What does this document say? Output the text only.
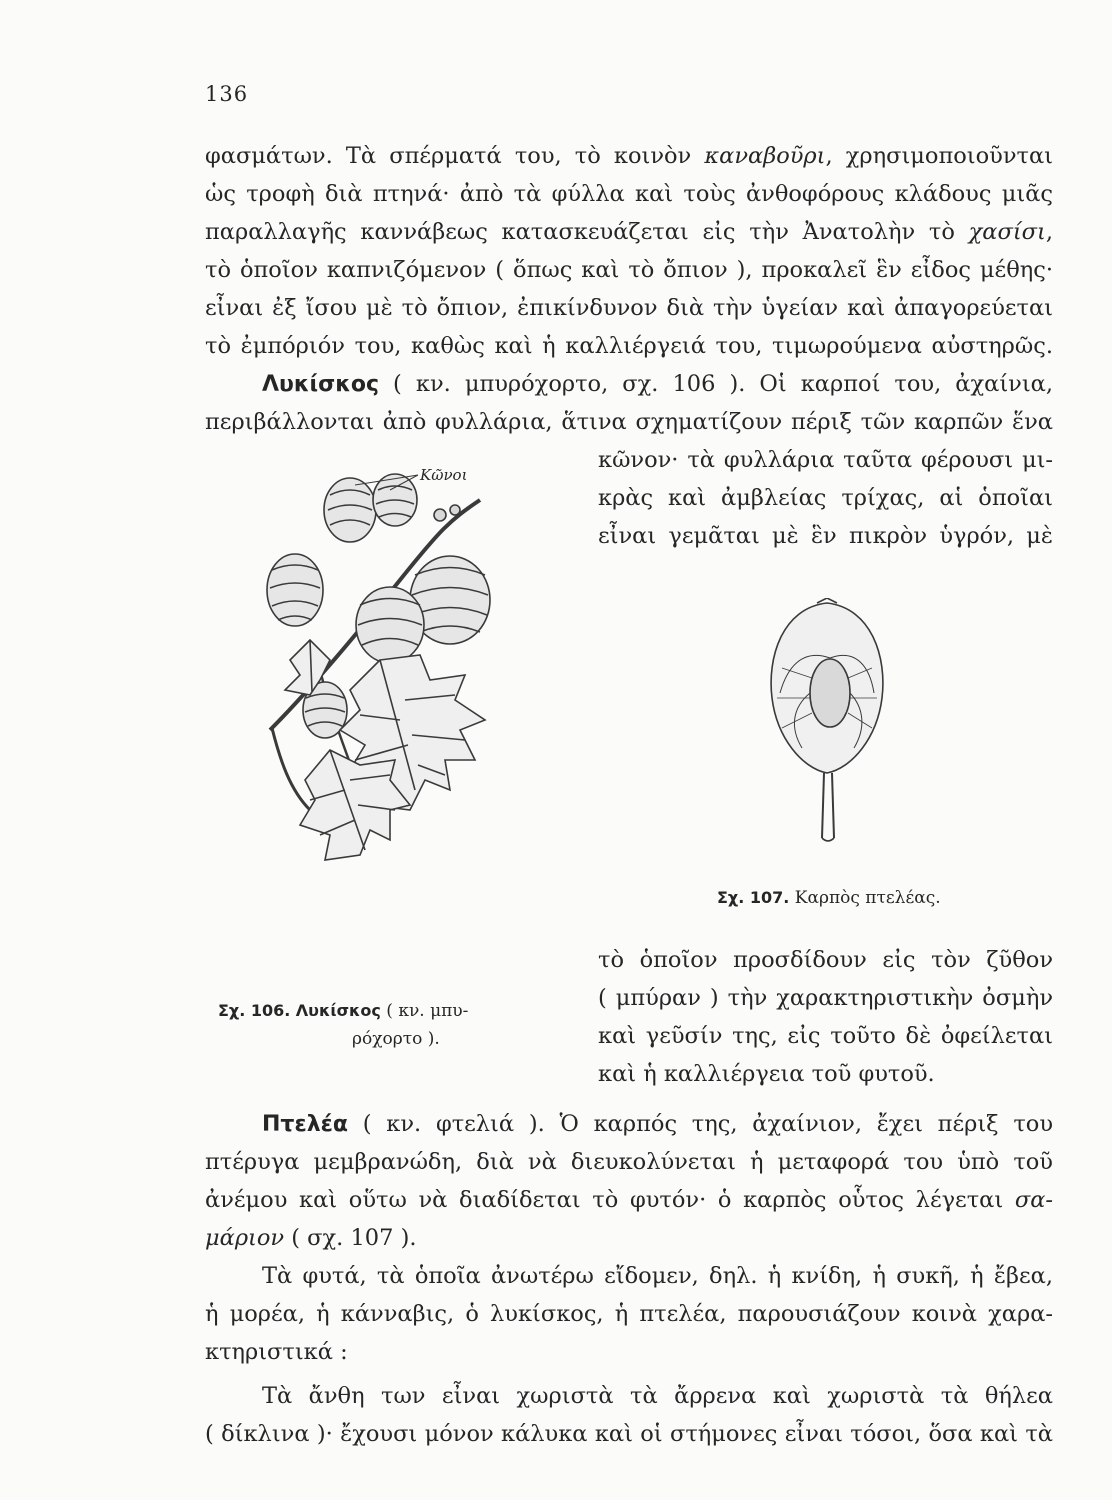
136
φασμάτων. Τὰ σπέρματά του, τὸ κοινὸν καναβοῦρι, χρησιμοποιοῦνται
ὡς τροφὴ διὰ πτηνά· ἀπὸ τὰ φύλλα καὶ τοὺς ἀνθοφόρους κλάδους μιᾶς
παραλλαγῆς καννάβεως κατασκευάζεται εἰς τὴν Ἀνατολὴν τὸ χασίσι,
τὸ ὁποῖον καπνιζόμενον ( ὅπως καὶ τὸ ὄπιον ), προκαλεῖ ἓν εἶδος μέθης·
εἶναι ἐξ ἴσου μὲ τὸ ὄπιον, ἐπικίνδυνον διὰ τὴν ὑγείαν καὶ ἀπαγορεύεται
τὸ ἐμπόριόν του, καθὼς καὶ ἡ καλλιέργειά του, τιμωρούμενα αὐστηρῶς.
Λυκίσκος ( κν. μπυρόχορτο, σχ. 106 ). Οἱ καρποί του, ἀχαίνια,
περιβάλλονται ἀπὸ φυλλάρια, ἅτινα σχηματίζουν πέριξ τῶν καρπῶν ἕνα
κῶνον· τὰ φυλλάρια ταῦτα φέρουσι μι-
κρὰς καὶ ἀμβλείας τρίχας, αἱ ὁποῖαι
εἶναι γεμᾶται μὲ ἓν πικρὸν ὑγρόν, μὲ
Κῶνοι
Σχ. 107. Καρπὸς πτελέας.
τὸ ὁποῖον προσδίδουν εἰς τὸν ζῦθον
( μπύραν ) τὴν χαρακτηριστικὴν ὀσμὴν
καὶ γεῦσίν της, εἰς τοῦτο δὲ ὀφείλεται
καὶ ἡ καλλιέργεια τοῦ φυτοῦ.
Σχ. 106. Λυκίσκος ( κν. μπυ-
ρόχορτο ).
Πτελέα ( κν. φτελιά ). Ὁ καρπός της, ἀχαίνιον, ἔχει πέριξ του
πτέρυγα μεμβρανώδη, διὰ νὰ διευκολύνεται ἡ μεταφορά του ὑπὸ τοῦ
ἀνέμου καὶ οὕτω νὰ διαδίδεται τὸ φυτόν· ὁ καρπὸς οὗτος λέγεται σα-
μάριον ( σχ. 107 ).
Τὰ φυτά, τὰ ὁποῖα ἀνωτέρω εἴδομεν, δηλ. ἡ κνίδη, ἡ συκῆ, ἡ ἔβεα,
ἡ μορέα, ἡ κάνναβις, ὁ λυκίσκος, ἡ πτελέα, παρουσιάζουν κοινὰ χαρα-
κτηριστικά :
Τὰ ἄνθη των εἶναι χωριστὰ τὰ ἄρρενα καὶ χωριστὰ τὰ θήλεα
( δίκλινα )· ἔχουσι μόνον κάλυκα καὶ οἱ στήμονες εἶναι τόσοι, ὅσα καὶ τὰ
